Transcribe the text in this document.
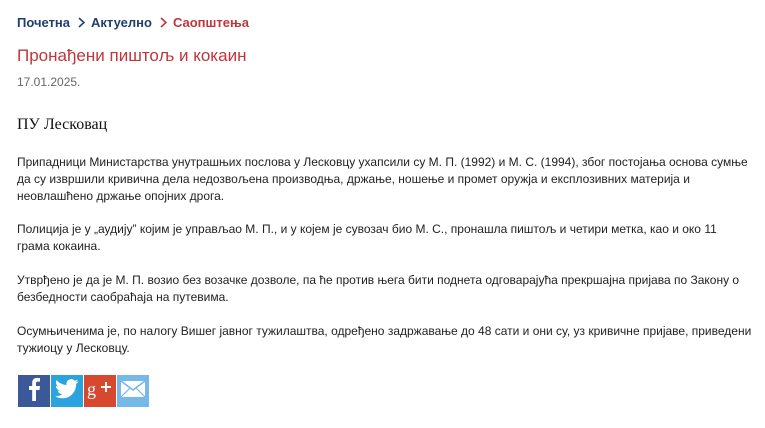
Почетна Актуелно Саопштења
Пронађени пиштољ и кокаин
17.01.2025.
ПУ Лесковац

Припадници Министарства унутрашњих послова у Лесковцу ухапсили су М. П. (1992) и М. С. (1994), због постојања основа сумње да су извршили кривична дела недозвољена производња, држање, ношење и промет оружја и експлозивних материја и неовлашћено држање опојних дрога.

Полиција је у „аудију” којим је управљао М. П., и у којем је сувозач био М. С., пронашла пиштољ и четири метка, као и око 11 грама кокаина.

Утврђено је да је М. П. возио без возачке дозволе, па ће против њега бити поднета одговарајућа прекршајна пријава по Закону о безбедности саобраћаја на путевима.

Осумњиченима је, по налогу Вишег јавног тужилаштва, одређено задржавање до 48 сати и они су, уз кривичне пријаве, приведени тужиоцу у Лесковцу.

g
